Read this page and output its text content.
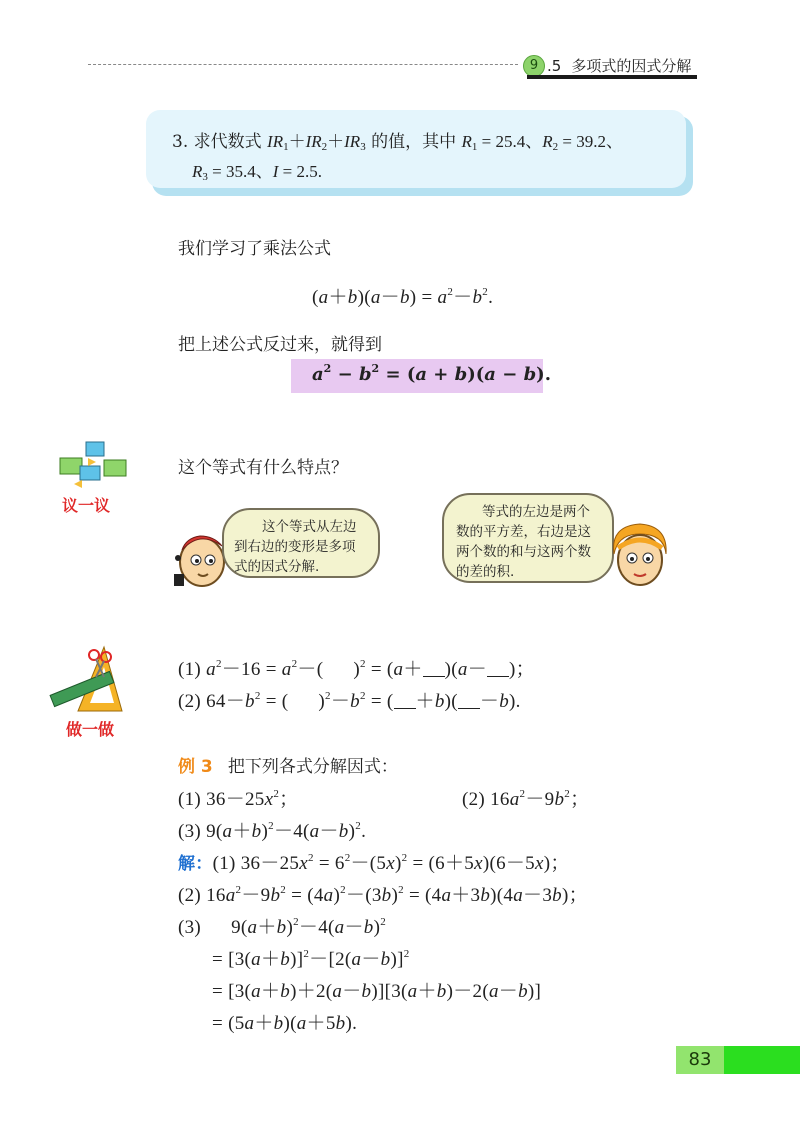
9 .5 多项式的因式分解
3. 求代数式 $IR_1+IR_2+IR_3$ 的值，其中 $R_1 = 25.4$、$R_2 = 39.2$、
$R_3 = 35.4$、I = 2.5.
我们学习了乘法公式
$(a+b)(a-b) = a^2-b^2$.
把上述公式反过来，就得到
$a^2 - b^2 = (a + b)(a - b)$.
议一议
这个等式有什么特点？
这个等式从左边到右边的变形是多项式的因式分解.
等式的左边是两个数的平方差，右边是这两个数的和与这两个数的差的积.
做一做
(1) $a^2-16 = a^2-$( )$^2$ = (a＋ )(a－ )；
(2) $64-b^2$ = ( )$^2-b^2$ = ( ＋b)( －b).
例 3 把下列各式分解因式：
(1) $36-25x^2$；	(2) $16a^2-9b^2$；
(3) $9(a+b)^2-4(a-b)^2$.
解：(1) $36-25x^2 = 6^2-(5x)^2 = (6+5x)(6-5x)$；
(2) $16a^2-9b^2 = (4a)^2-(3b)^2 = (4a+3b)(4a-3b)$；
(3) $9(a+b)^2-4(a-b)^2$
= $[3(a+b)]^2-[2(a-b)]^2$
= [3(a＋b)＋2(a－b)][3(a＋b)－2(a－b)]
= (5a＋b)(a＋5b).
83
